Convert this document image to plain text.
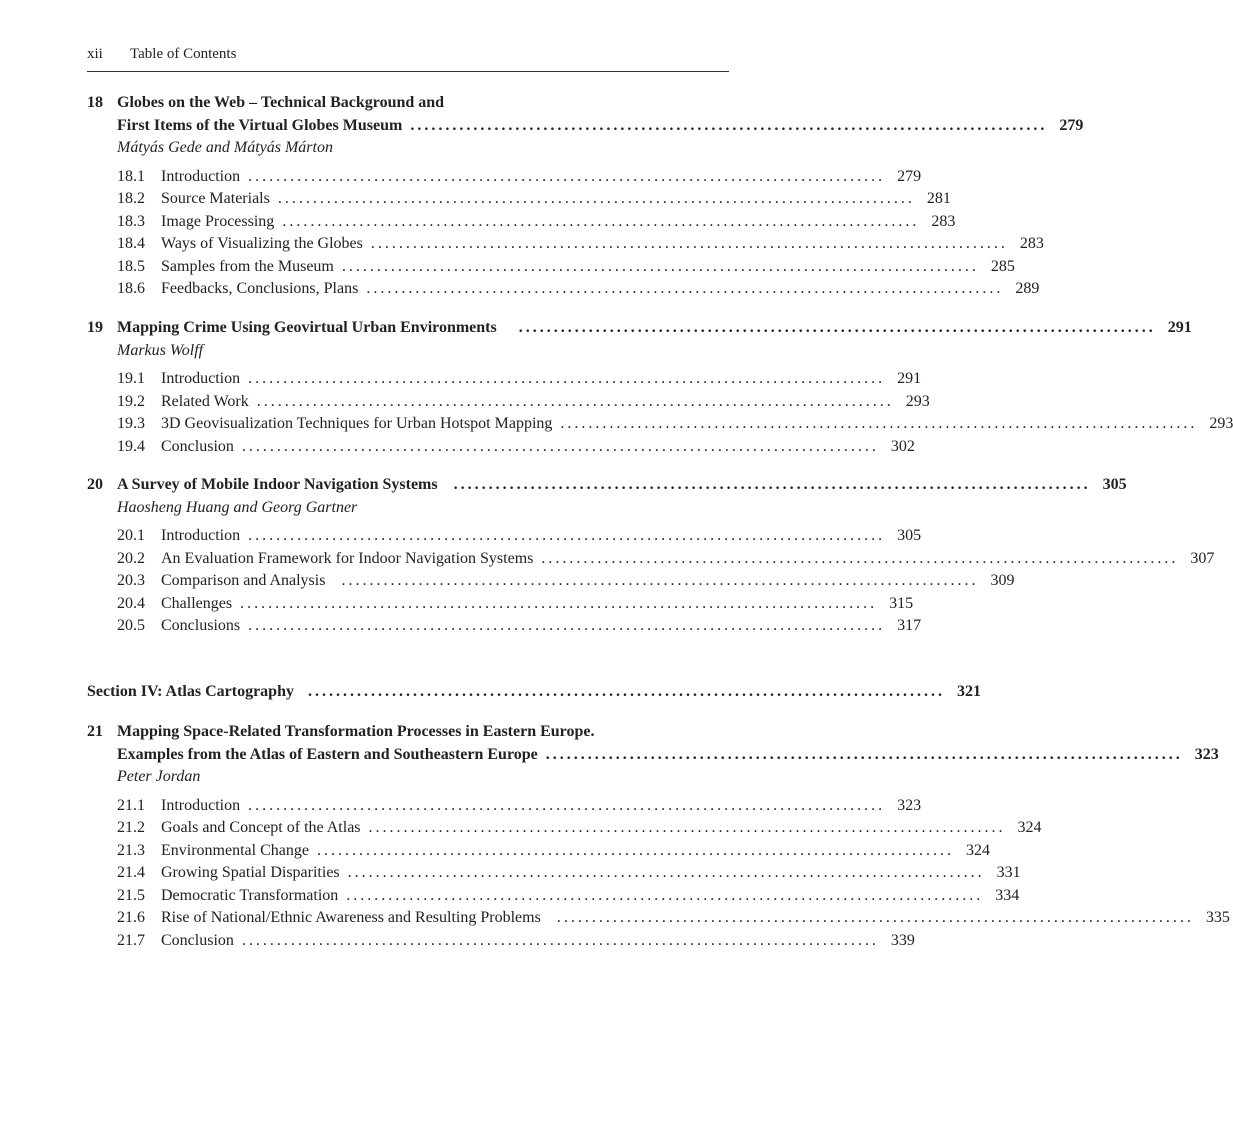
xii Table of Contents
18 Globes on the Web – Technical Background and
First Items of the Virtual Globes Museum ........................................................................................... 279
Mátyás Gede and Mátyás Márton
18.1	Introduction ........................................................................................... 279
18.2	Source Materials ........................................................................................... 281
18.3	Image Processing ........................................................................................... 283
18.4	Ways of Visualizing the Globes ........................................................................................... 283
18.5	Samples from the Museum ........................................................................................... 285
18.6	Feedbacks, Conclusions, Plans ........................................................................................... 289
19 Mapping Crime Using Geovirtual Urban Environments ........................................................................................... 291
Markus Wolff
19.1	Introduction ........................................................................................... 291
19.2	Related Work ........................................................................................... 293
19.3	3D Geovisualization Techniques for Urban Hotspot Mapping ........................................................................................... 293
19.4	Conclusion ........................................................................................... 302
20 A Survey of Mobile Indoor Navigation Systems ........................................................................................... 305
Haosheng Huang and Georg Gartner
20.1	Introduction ........................................................................................... 305
20.2	An Evaluation Framework for Indoor Navigation Systems ........................................................................................... 307
20.3	Comparison and Analysis ........................................................................................... 309
20.4	Challenges ........................................................................................... 315
20.5	Conclusions ........................................................................................... 317
Section IV: Atlas Cartography ........................................................................................... 321
21 Mapping Space-Related Transformation Processes in Eastern Europe.
Examples from the Atlas of Eastern and Southeastern Europe ........................................................................................... 323
Peter Jordan
21.1	Introduction ........................................................................................... 323
21.2	Goals and Concept of the Atlas ........................................................................................... 324
21.3	Environmental Change ........................................................................................... 324
21.4	Growing Spatial Disparities ........................................................................................... 331
21.5	Democratic Transformation ........................................................................................... 334
21.6	Rise of National/Ethnic Awareness and Resulting Problems ........................................................................................... 335
21.7	Conclusion ........................................................................................... 339
